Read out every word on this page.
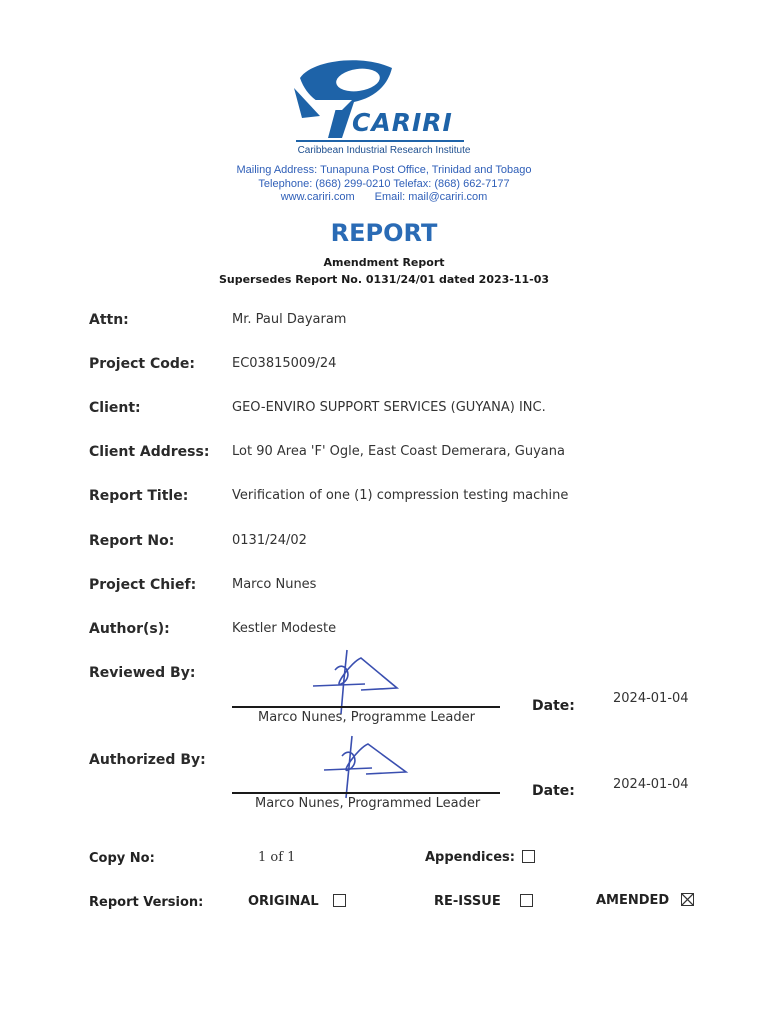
CARIRI
Caribbean Industrial Research Institute
Mailing Address: Tunapuna Post Office, Trinidad and Tobago
Telephone: (868) 299-0210 Telefax: (868) 662-7177
www.cariri.com Email: mail@cariri.com
REPORT
Amendment Report
Supersedes Report No. 0131/24/01 dated 2023-11-03
Attn:	Mr. Paul Dayaram
Project Code:	EC03815009/24
Client:	GEO-ENVIRO SUPPORT SERVICES (GUYANA) INC.
Client Address: Lot 90 Area 'F' Ogle, East Coast Demerara, Guyana
Report Title:	Verification of one (1) compression testing machine
Report No:	0131/24/02
Project Chief:	Marco Nunes
Author(s):	Kestler Modeste
Reviewed By:
Marco Nunes, Programme Leader
Date:	2024-01-04
Authorized By:
Marco Nunes, Programmed Leader
Date:	2024-01-04
Copy No:	1 of 1	Appendices:
Report Version:	ORIGINAL	RE-ISSUE	AMENDED
